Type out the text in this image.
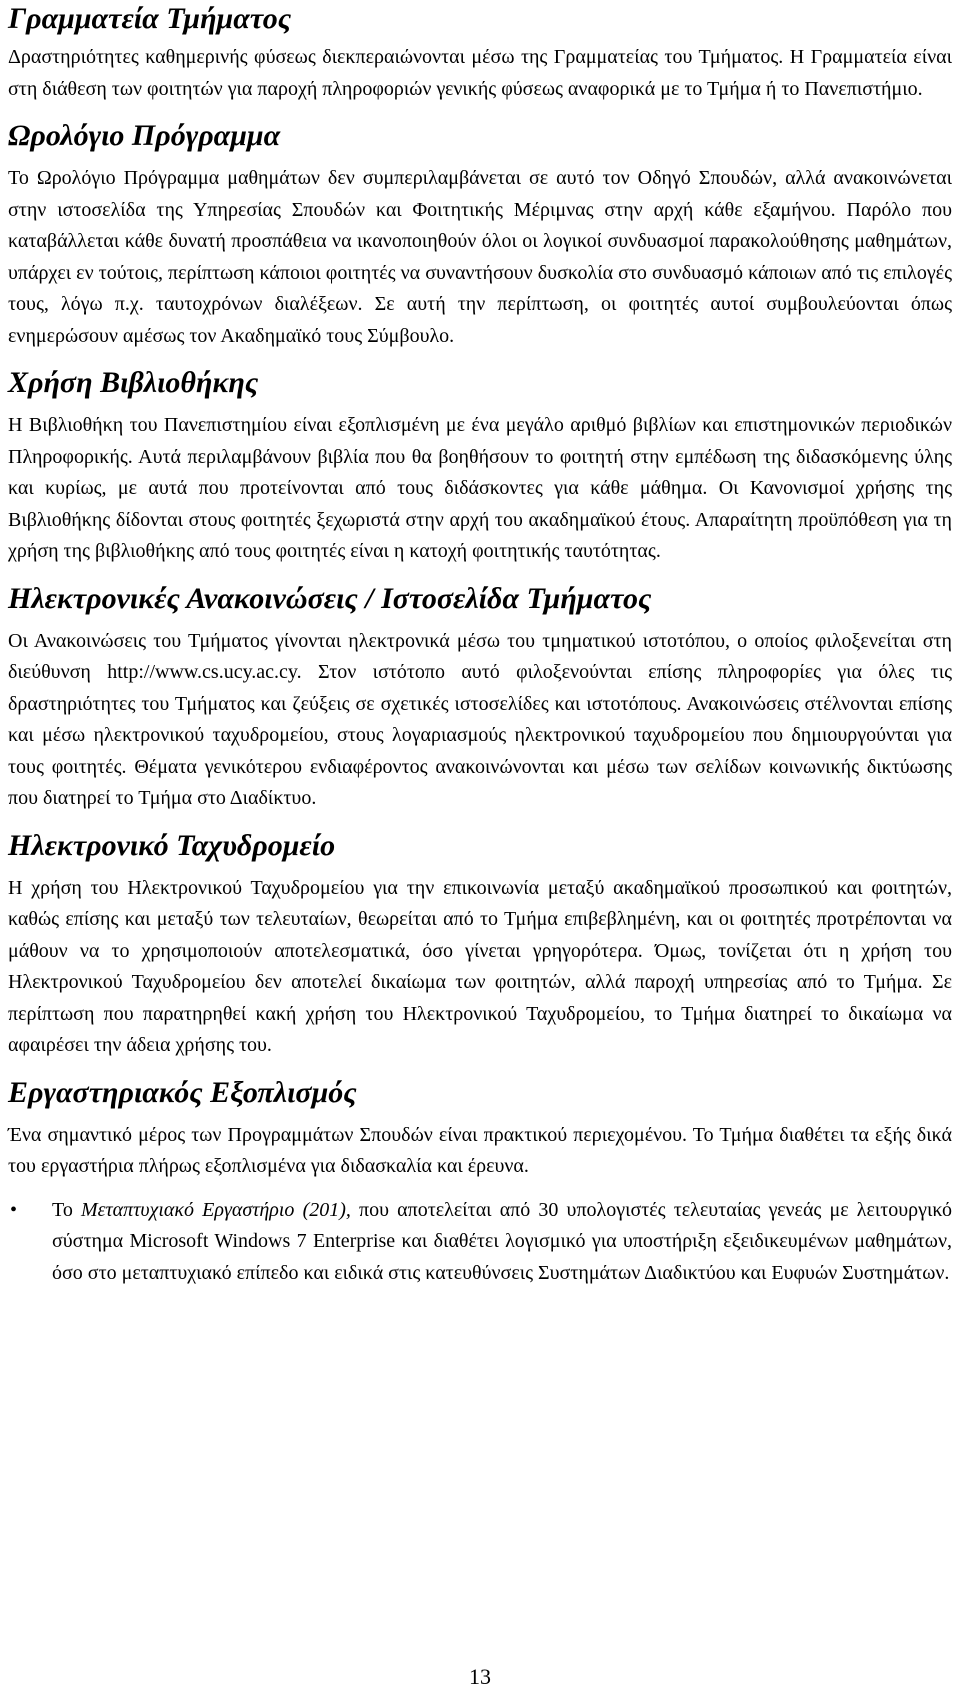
Γραμματεία Τμήματος

Δραστηριότητες καθημερινής φύσεως διεκπεραιώνονται μέσω της Γραμματείας του Τμήματος. Η Γραμματεία είναι στη διάθεση των φοιτητών για παροχή πληροφοριών γενικής φύσεως αναφορικά με το Τμήμα ή το Πανεπιστήμιο.

Ωρολόγιο Πρόγραμμα

Το Ωρολόγιο Πρόγραμμα μαθημάτων δεν συμπεριλαμβάνεται σε αυτό τον Οδηγό Σπουδών, αλλά ανακοινώνεται στην ιστοσελίδα της Υπηρεσίας Σπουδών και Φοιτητικής Μέριμνας στην αρχή κάθε εξαμήνου. Παρόλο που καταβάλλεται κάθε δυνατή προσπάθεια να ικανοποιηθούν όλοι οι λογικοί συνδυασμοί παρακολούθησης μαθημάτων, υπάρχει εν τούτοις, περίπτωση κάποιοι φοιτητές να συναντήσουν δυσκολία στο συνδυασμό κάποιων από τις επιλογές τους, λόγω π.χ. ταυτοχρόνων διαλέξεων. Σε αυτή την περίπτωση, οι φοιτητές αυτοί συμβουλεύονται όπως ενημερώσουν αμέσως τον Ακαδημαϊκό τους Σύμβουλο.

Χρήση Βιβλιοθήκης

Η Βιβλιοθήκη του Πανεπιστημίου είναι εξοπλισμένη με ένα μεγάλο αριθμό βιβλίων και επιστημονικών περιοδικών Πληροφορικής. Αυτά περιλαμβάνουν βιβλία που θα βοηθήσουν το φοιτητή στην εμπέδωση της διδασκόμενης ύλης και κυρίως, με αυτά που προτείνονται από τους διδάσκοντες για κάθε μάθημα. Οι Κανονισμοί χρήσης της Βιβλιοθήκης δίδονται στους φοιτητές ξεχωριστά στην αρχή του ακαδημαϊκού έτους. Απαραίτητη προϋπόθεση για τη χρήση της βιβλιοθήκης από τους φοιτητές είναι η κατοχή φοιτητικής ταυτότητας.

Ηλεκτρονικές Ανακοινώσεις / Ιστοσελίδα Τμήματος

Οι Ανακοινώσεις του Τμήματος γίνονται ηλεκτρονικά μέσω του τμηματικού ιστοτόπου, ο οποίος φιλοξενείται στη διεύθυνση http://www.cs.ucy.ac.cy. Στον ιστότοπο αυτό φιλοξενούνται επίσης πληροφορίες για όλες τις δραστηριότητες του Τμήματος και ζεύξεις σε σχετικές ιστοσελίδες και ιστοτόπους. Ανακοινώσεις στέλνονται επίσης και μέσω ηλεκτρονικού ταχυδρομείου, στους λογαριασμούς ηλεκτρονικού ταχυδρομείου που δημιουργούνται για τους φοιτητές. Θέματα γενικότερου ενδιαφέροντος ανακοινώνονται και μέσω των σελίδων κοινωνικής δικτύωσης που διατηρεί το Τμήμα στο Διαδίκτυο.

Ηλεκτρονικό Ταχυδρομείο

Η χρήση του Ηλεκτρονικού Ταχυδρομείου για την επικοινωνία μεταξύ ακαδημαϊκού προσωπικού και φοιτητών, καθώς επίσης και μεταξύ των τελευταίων, θεωρείται από το Τμήμα επιβεβλημένη, και οι φοιτητές προτρέπονται να μάθουν να το χρησιμοποιούν αποτελεσματικά, όσο γίνεται γρηγορότερα. Όμως, τονίζεται ότι η χρήση του Ηλεκτρονικού Ταχυδρομείου δεν αποτελεί δικαίωμα των φοιτητών, αλλά παροχή υπηρεσίας από το Τμήμα. Σε περίπτωση που παρατηρηθεί κακή χρήση του Ηλεκτρονικού Ταχυδρομείου, το Τμήμα διατηρεί το δικαίωμα να αφαιρέσει την άδεια χρήσης του.

Εργαστηριακός Εξοπλισμός

Ένα σημαντικό μέρος των Προγραμμάτων Σπουδών είναι πρακτικού περιεχομένου. Το Τμήμα διαθέτει τα εξής δικά του εργαστήρια πλήρως εξοπλισμένα για διδασκαλία και έρευνα.

• Το Μεταπτυχιακό Εργαστήριο (201), που αποτελείται από 30 υπολογιστές τελευταίας γενεάς με λειτουργικό σύστημα Microsoft Windows 7 Enterprise και διαθέτει λογισμικό για υποστήριξη εξειδικευμένων μαθημάτων, όσο στο μεταπτυχιακό επίπεδο και ειδικά στις κατευθύνσεις Συστημάτων Διαδικτύου και Ευφυών Συστημάτων.
13
